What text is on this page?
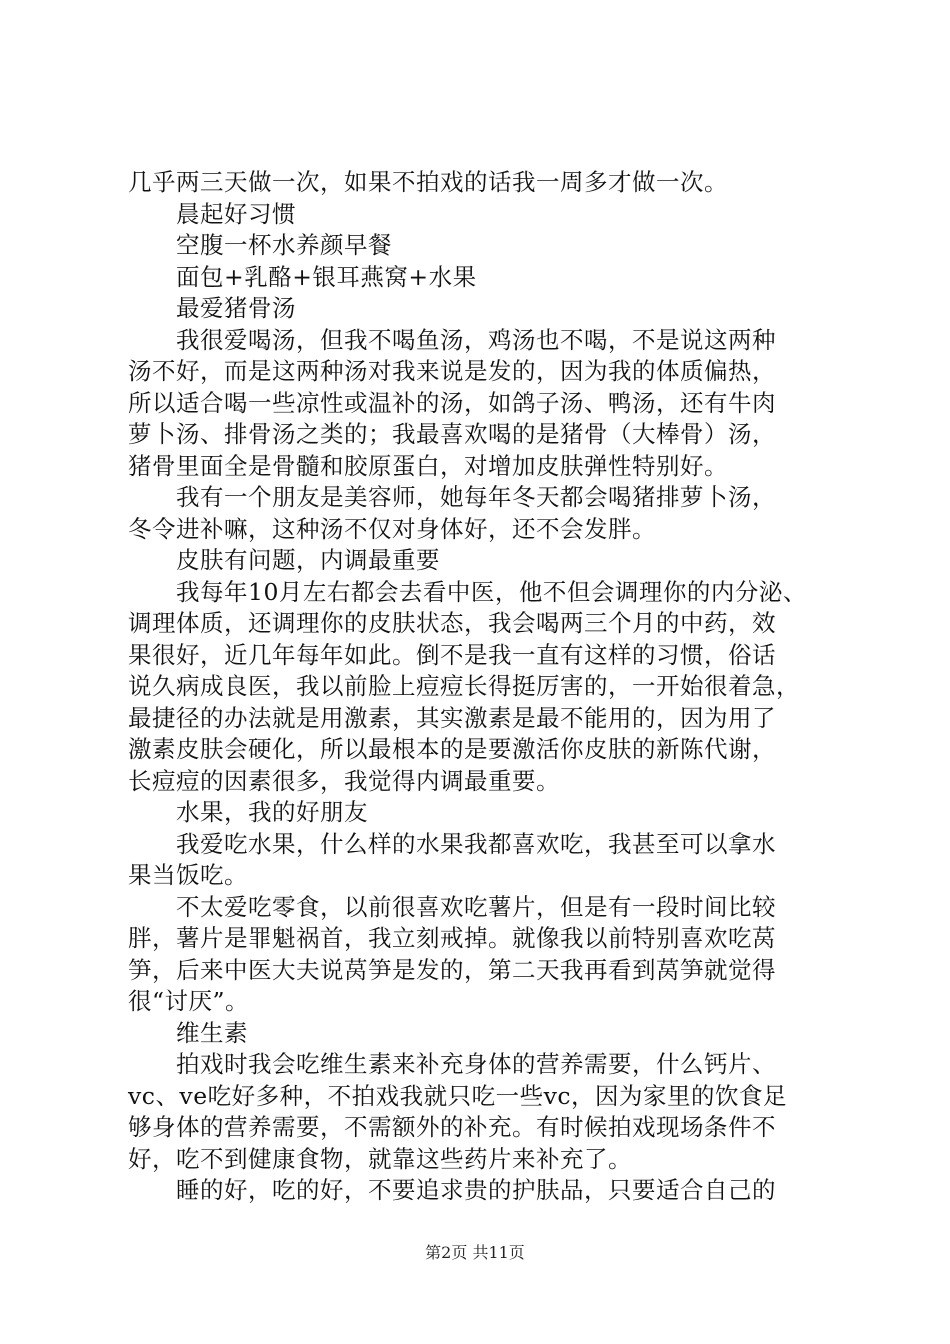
几乎两三天做一次，如果不拍戏的话我一周多才做一次。
晨起好习惯
空腹一杯水养颜早餐
面包+乳酪+银耳燕窝+水果
最爱猪骨汤
我很爱喝汤，但我不喝鱼汤，鸡汤也不喝，不是说这两种
汤不好，而是这两种汤对我来说是发的，因为我的体质偏热，
所以适合喝一些凉性或温补的汤，如鸽子汤、鸭汤，还有牛肉
萝卜汤、排骨汤之类的；我最喜欢喝的是猪骨（大棒骨）汤，
猪骨里面全是骨髓和胶原蛋白，对增加皮肤弹性特别好。
我有一个朋友是美容师，她每年冬天都会喝猪排萝卜汤，
冬令进补嘛，这种汤不仅对身体好，还不会发胖。
皮肤有问题，内调最重要
我每年10月左右都会去看中医，他不但会调理你的内分泌、
调理体质，还调理你的皮肤状态，我会喝两三个月的中药，效
果很好，近几年每年如此。倒不是我一直有这样的习惯，俗话
说久病成良医，我以前脸上痘痘长得挺厉害的，一开始很着急，
最捷径的办法就是用激素，其实激素是最不能用的，因为用了
激素皮肤会硬化，所以最根本的是要激活你皮肤的新陈代谢，
长痘痘的因素很多，我觉得内调最重要。
水果，我的好朋友
我爱吃水果，什么样的水果我都喜欢吃，我甚至可以拿水
果当饭吃。
不太爱吃零食，以前很喜欢吃薯片，但是有一段时间比较
胖，薯片是罪魁祸首，我立刻戒掉。就像我以前特别喜欢吃莴
笋，后来中医大夫说莴笋是发的，第二天我再看到莴笋就觉得
很“讨厌”。
维生素
拍戏时我会吃维生素来补充身体的营养需要，什么钙片、
vc、ve吃好多种，不拍戏我就只吃一些vc，因为家里的饮食足
够身体的营养需要，不需额外的补充。有时候拍戏现场条件不
好，吃不到健康食物，就靠这些药片来补充了。
睡的好，吃的好，不要追求贵的护肤品，只要适合自己的
第2页 共11页
